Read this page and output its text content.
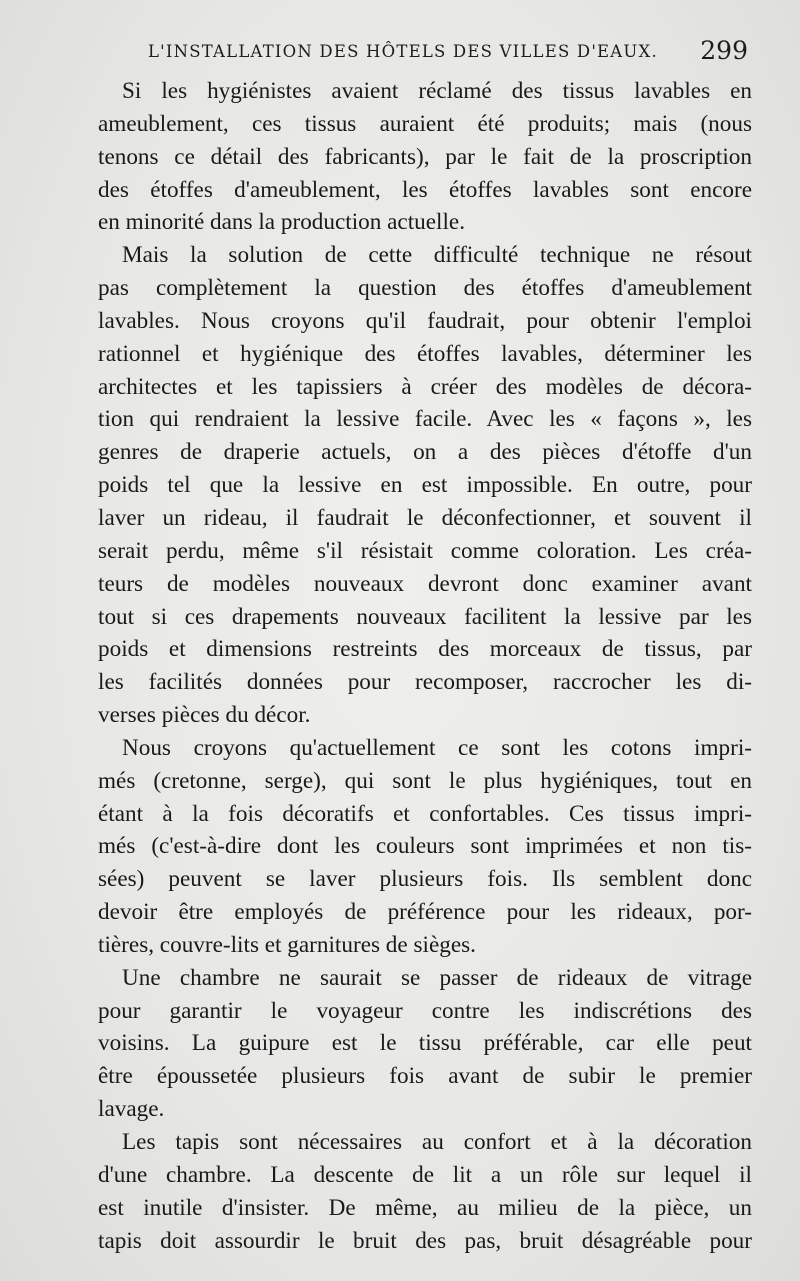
L'INSTALLATION DES HÔTELS DES VILLES D'EAUX. 299
Si les hygiénistes avaient réclamé des tissus lavables en
ameublement, ces tissus auraient été produits; mais (nous
tenons ce détail des fabricants), par le fait de la proscription
des étoffes d'ameublement, les étoffes lavables sont encore
en minorité dans la production actuelle.
Mais la solution de cette difficulté technique ne résout
pas complètement la question des étoffes d'ameublement
lavables. Nous croyons qu'il faudrait, pour obtenir l'emploi
rationnel et hygiénique des étoffes lavables, déterminer les
architectes et les tapissiers à créer des modèles de décora-
tion qui rendraient la lessive facile. Avec les « façons », les
genres de draperie actuels, on a des pièces d'étoffe d'un
poids tel que la lessive en est impossible. En outre, pour
laver un rideau, il faudrait le déconfectionner, et souvent il
serait perdu, même s'il résistait comme coloration. Les créa-
teurs de modèles nouveaux devront donc examiner avant
tout si ces drapements nouveaux facilitent la lessive par les
poids et dimensions restreints des morceaux de tissus, par
les facilités données pour recomposer, raccrocher les di-
verses pièces du décor.
Nous croyons qu'actuellement ce sont les cotons impri-
més (cretonne, serge), qui sont le plus hygiéniques, tout en
étant à la fois décoratifs et confortables. Ces tissus impri-
més (c'est-à-dire dont les couleurs sont imprimées et non tis-
sées) peuvent se laver plusieurs fois. Ils semblent donc
devoir être employés de préférence pour les rideaux, por-
tières, couvre-lits et garnitures de sièges.
Une chambre ne saurait se passer de rideaux de vitrage
pour garantir le voyageur contre les indiscrétions des
voisins. La guipure est le tissu préférable, car elle peut
être époussetée plusieurs fois avant de subir le premier
lavage.
Les tapis sont nécessaires au confort et à la décoration
d'une chambre. La descente de lit a un rôle sur lequel il
est inutile d'insister. De même, au milieu de la pièce, un
tapis doit assourdir le bruit des pas, bruit désagréable pour
